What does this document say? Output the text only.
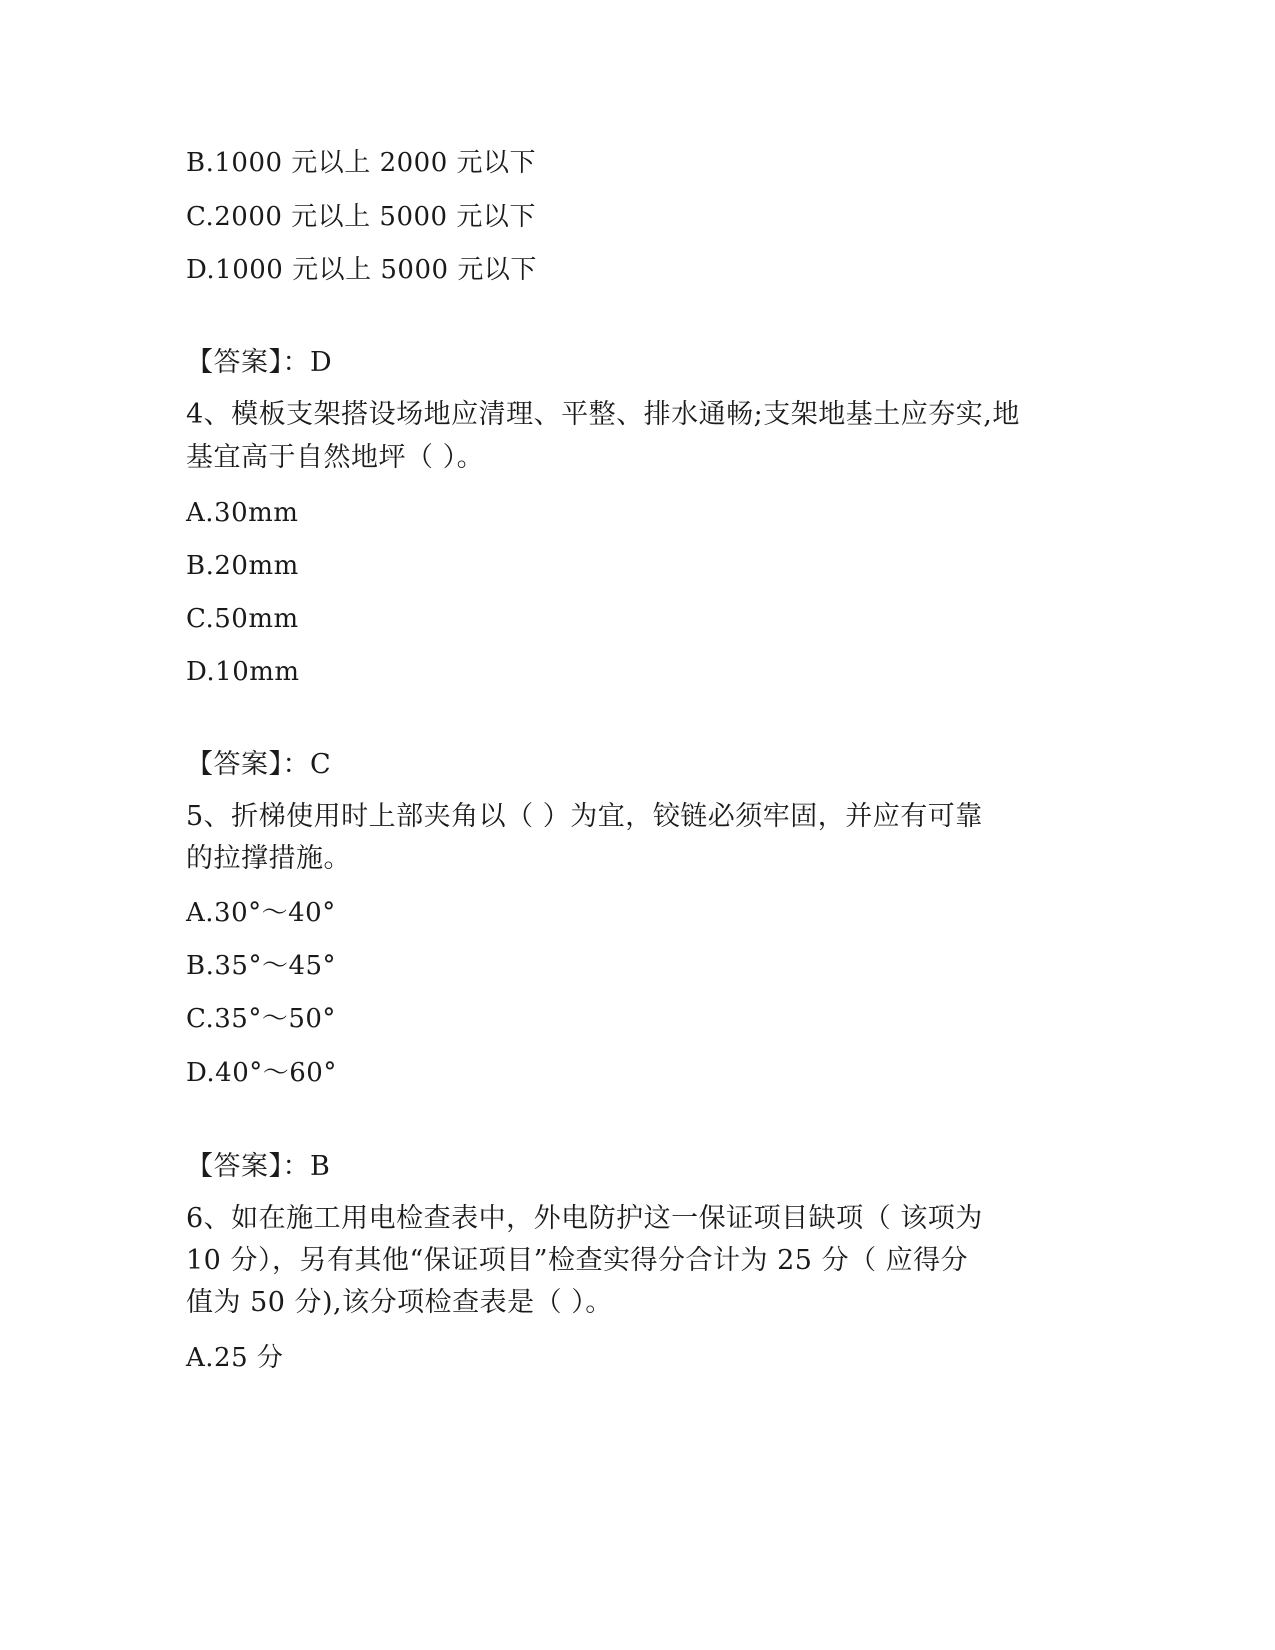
B.1000 元以上 2000 元以下
C.2000 元以上 5000 元以下
D.1000 元以上 5000 元以下
【答案】：D
4、模板支架搭设场地应清理、平整、排水通畅;支架地基土应夯实,地
基宜高于自然地坪（ ）。
A.30mm
B.20mm
C.50mm
D.10mm
【答案】：C
5、折梯使用时上部夹角以（ ）为宜，铰链必须牢固，并应有可靠
的拉撑措施。
A.30°～40°
B.35°～45°
C.35°～50°
D.40°～60°
【答案】：B
6、如在施工用电检查表中，外电防护这一保证项目缺项（ 该项为
10 分），另有其他“保证项目”检查实得分合计为 25 分（ 应得分
值为 50 分),该分项检查表是（ ）。
A.25 分
